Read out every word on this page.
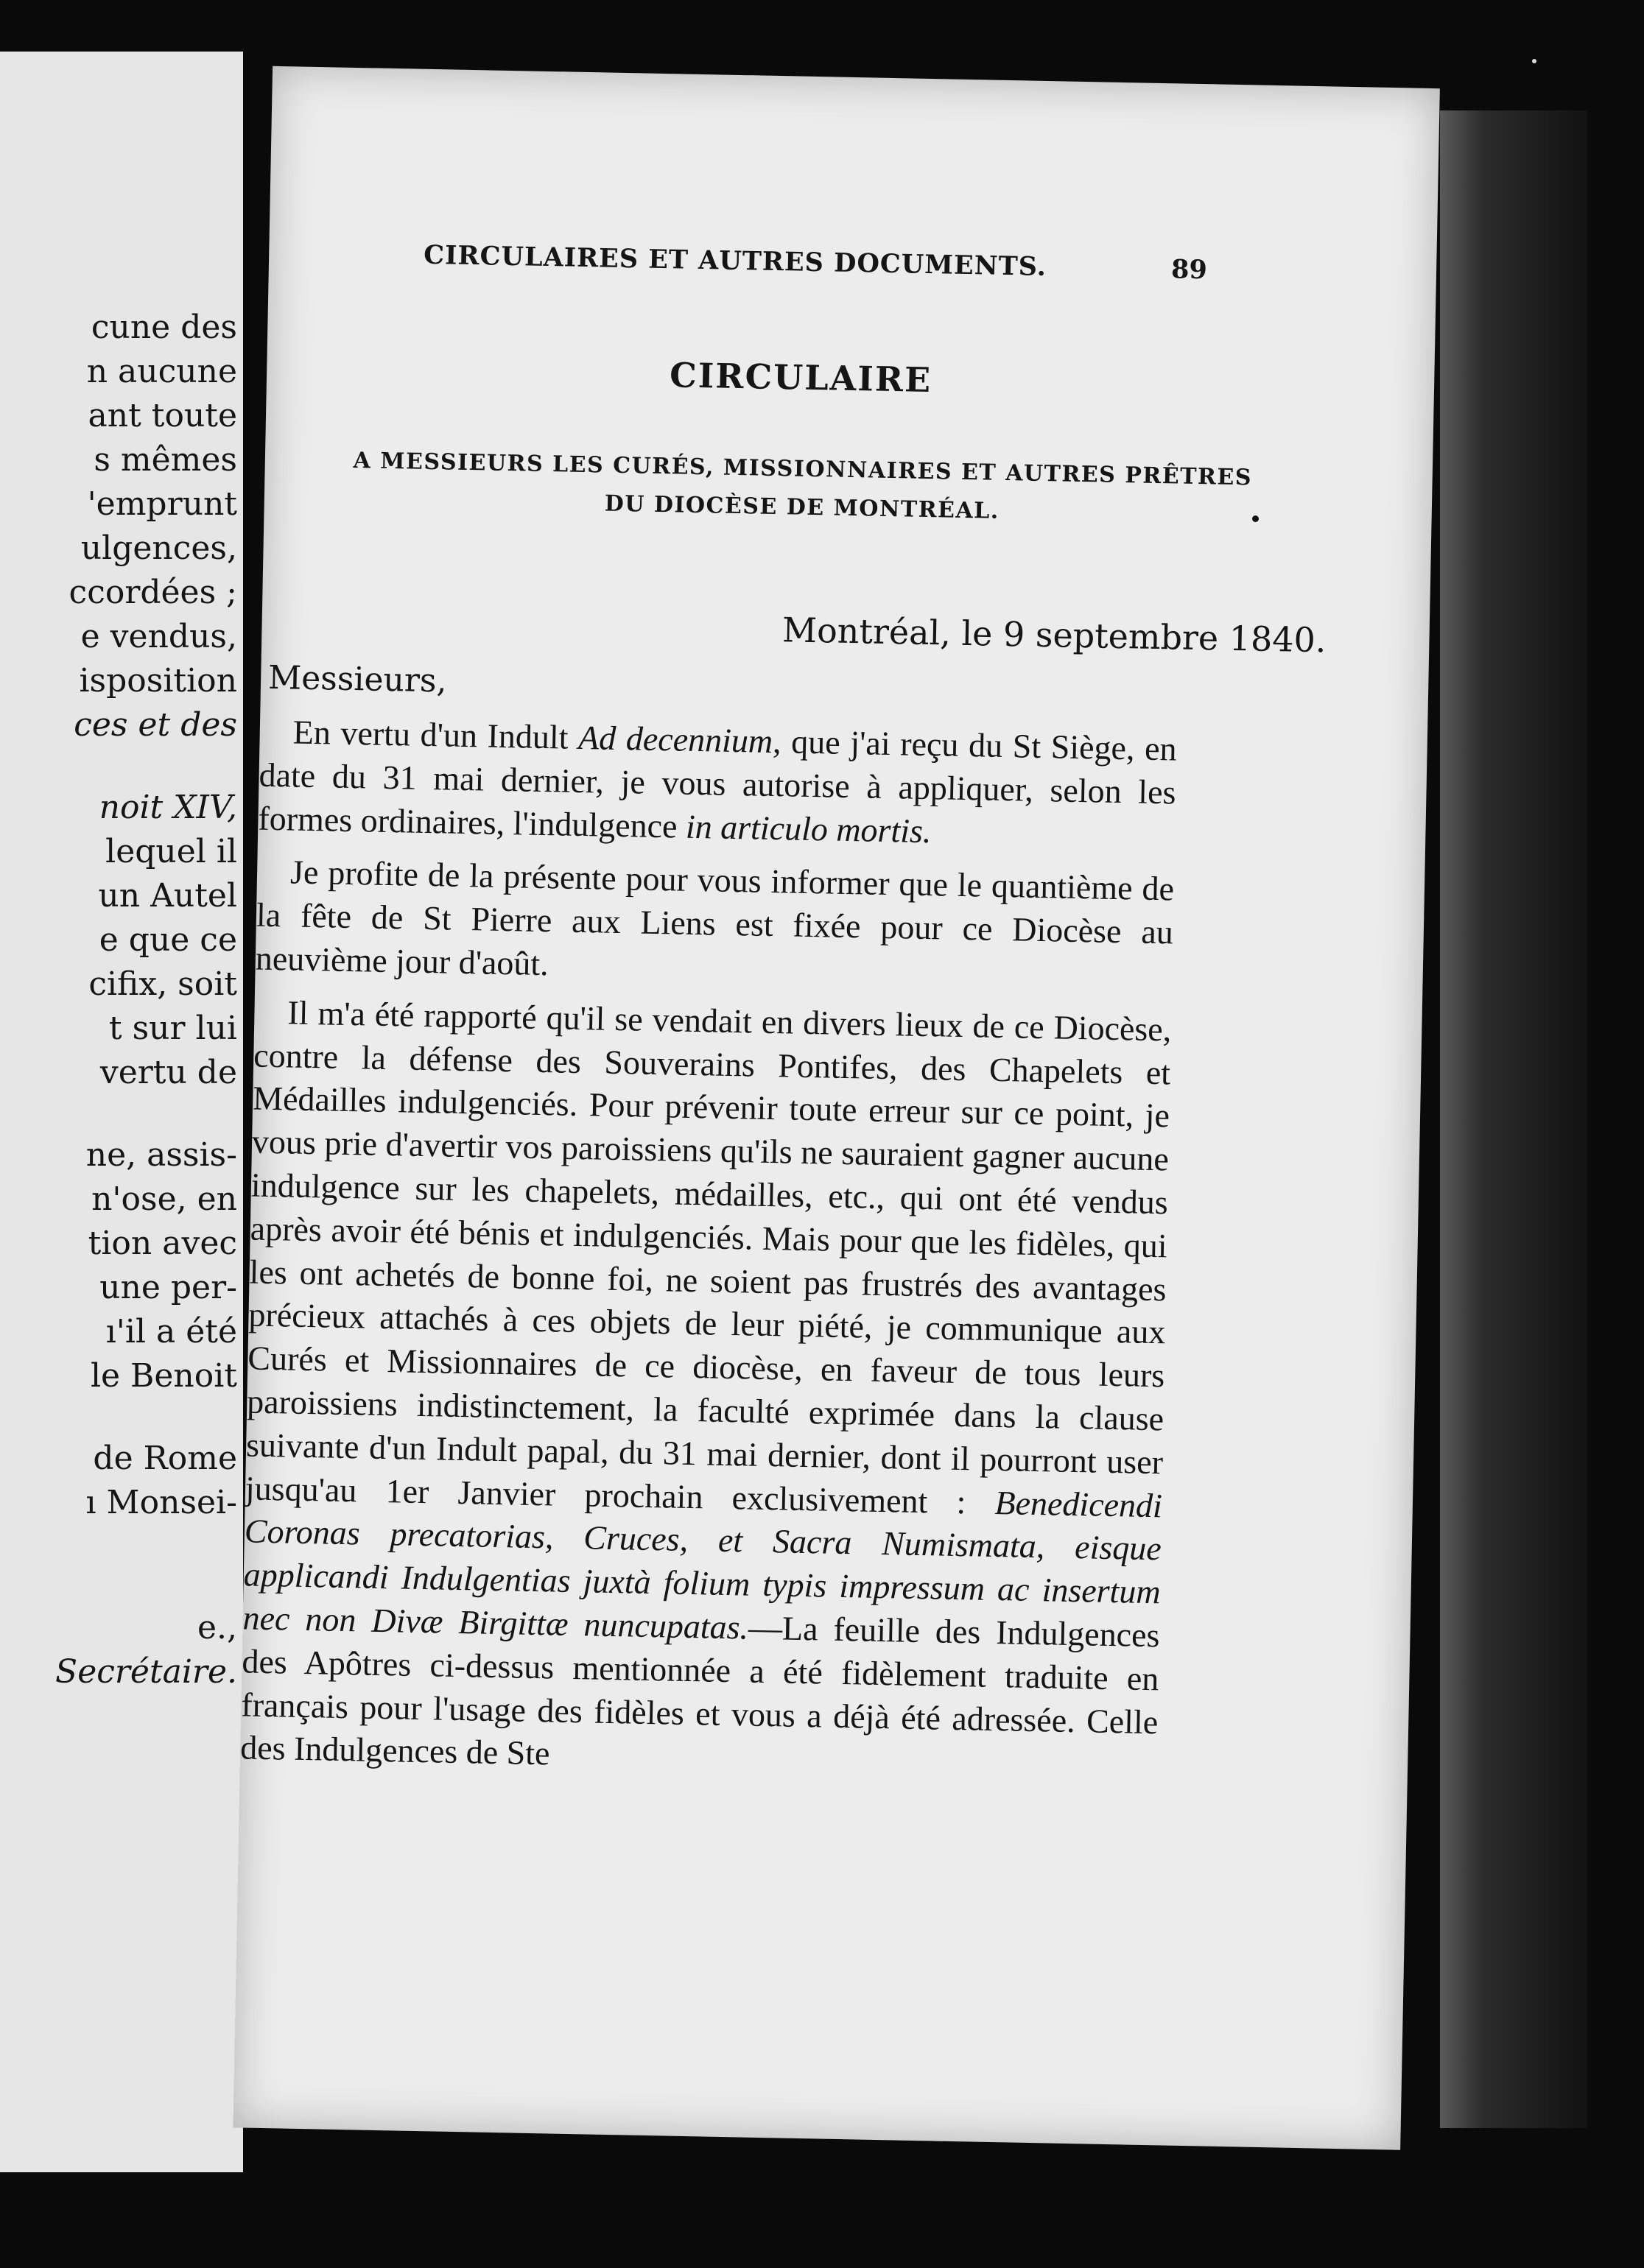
cune des
n aucune
ant toute
s mêmes
'emprunt
ulgences,
ccordées ;
e vendus,
isposition
ces et des
noit XIV,
lequel il
un Autel
e que ce
cifix, soit
t sur lui
vertu de
ne, assis-
n'ose, en
tion avec
une per-
ı'il a été
le Benoit
de Rome
ı Monsei-
e.,
Secrétaire.
CIRCULAIRES ET AUTRES DOCUMENTS.	89
CIRCULAIRE
A MESSIEURS LES CURÉS, MISSIONNAIRES ET AUTRES PRÊTRES
DU DIOCÈSE DE MONTRÉAL.
Montréal, le 9 septembre 1840.
Messieurs,

En vertu d'un Indult Ad decennium, que j'ai reçu du St Siège, en date du 31 mai dernier, je vous autorise à appliquer, selon les formes ordinaires, l'indulgence in articulo mortis.

Je profite de la présente pour vous informer que le quantième de la fête de St Pierre aux Liens est fixée pour ce Diocèse au neuvième jour d'août.

Il m'a été rapporté qu'il se vendait en divers lieux de ce Diocèse, contre la défense des Souverains Pontifes, des Chapelets et Médailles indulgenciés. Pour prévenir toute erreur sur ce point, je vous prie d'avertir vos paroissiens qu'ils ne sauraient gagner aucune indulgence sur les chapelets, médailles, etc., qui ont été vendus après avoir été bénis et indulgenciés. Mais pour que les fidèles, qui les ont achetés de bonne foi, ne soient pas frustrés des avantages précieux attachés à ces objets de leur piété, je communique aux Curés et Missionnaires de ce diocèse, en faveur de tous leurs paroissiens indistinctement, la faculté exprimée dans la clause suivante d'un Indult papal, du 31 mai dernier, dont il pourront user jusqu'au 1er Janvier prochain exclusivement : Benedicendi Coronas precatorias, Cruces, et Sacra Numismata, eisque applicandi Indulgentias juxtà folium typis impressum ac insertum nec non Divæ Birgittæ nuncupatas.—La feuille des Indulgences des Apôtres ci-dessus mentionnée a été fidèlement traduite en français pour l'usage des fidèles et vous a déjà été adressée. Celle des Indulgences de Ste
